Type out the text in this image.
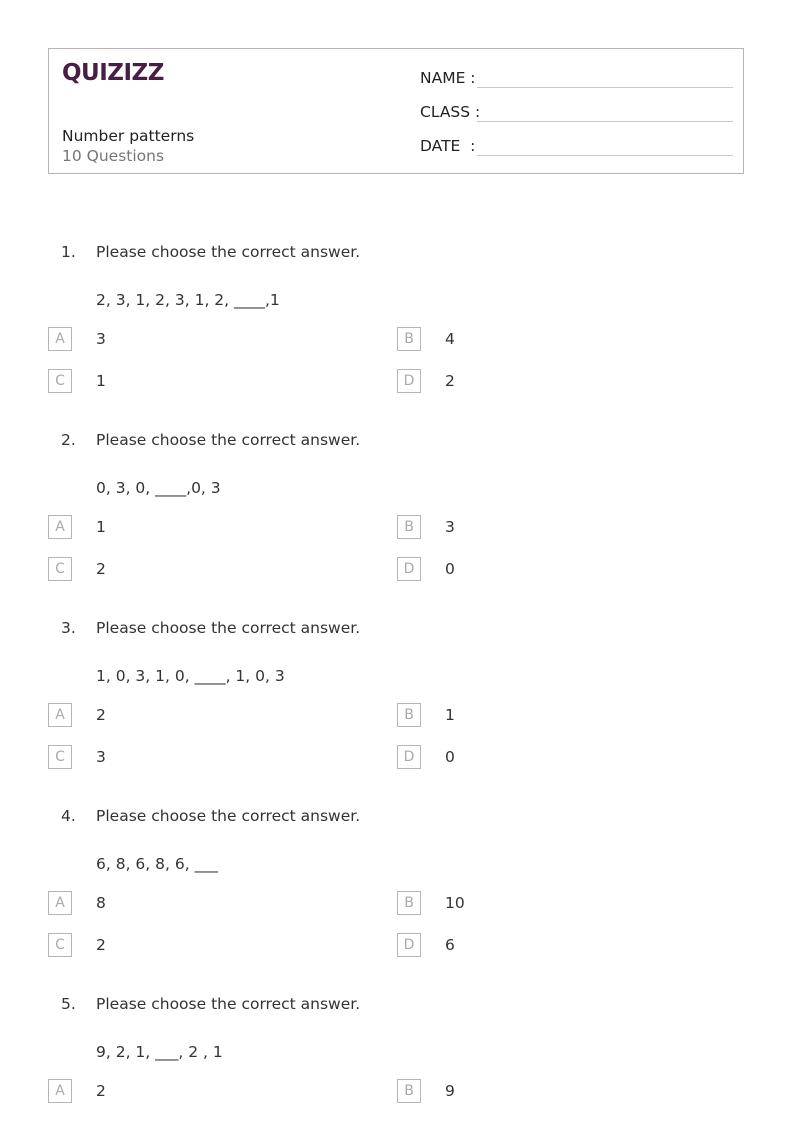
QUIZIZZ
Number patterns
10 Questions
NAME :
CLASS :
DATE  :
1. Please choose the correct answer.
2, 3, 1, 2, 3, 1, 2, ____,1
A	3	B	4
C	1	D	2
2. Please choose the correct answer.
0, 3, 0, ____,0, 3
A	1	B	3
C	2	D	0
3. Please choose the correct answer.
1, 0, 3, 1, 0, ____, 1, 0, 3
A	2	B	1
C	3	D	0
4. Please choose the correct answer.
6, 8, 6, 8, 6, ___
A	8	B	10
C	2	D	6
5. Please choose the correct answer.
9, 2, 1, ___, 2 , 1
A	2	B	9
